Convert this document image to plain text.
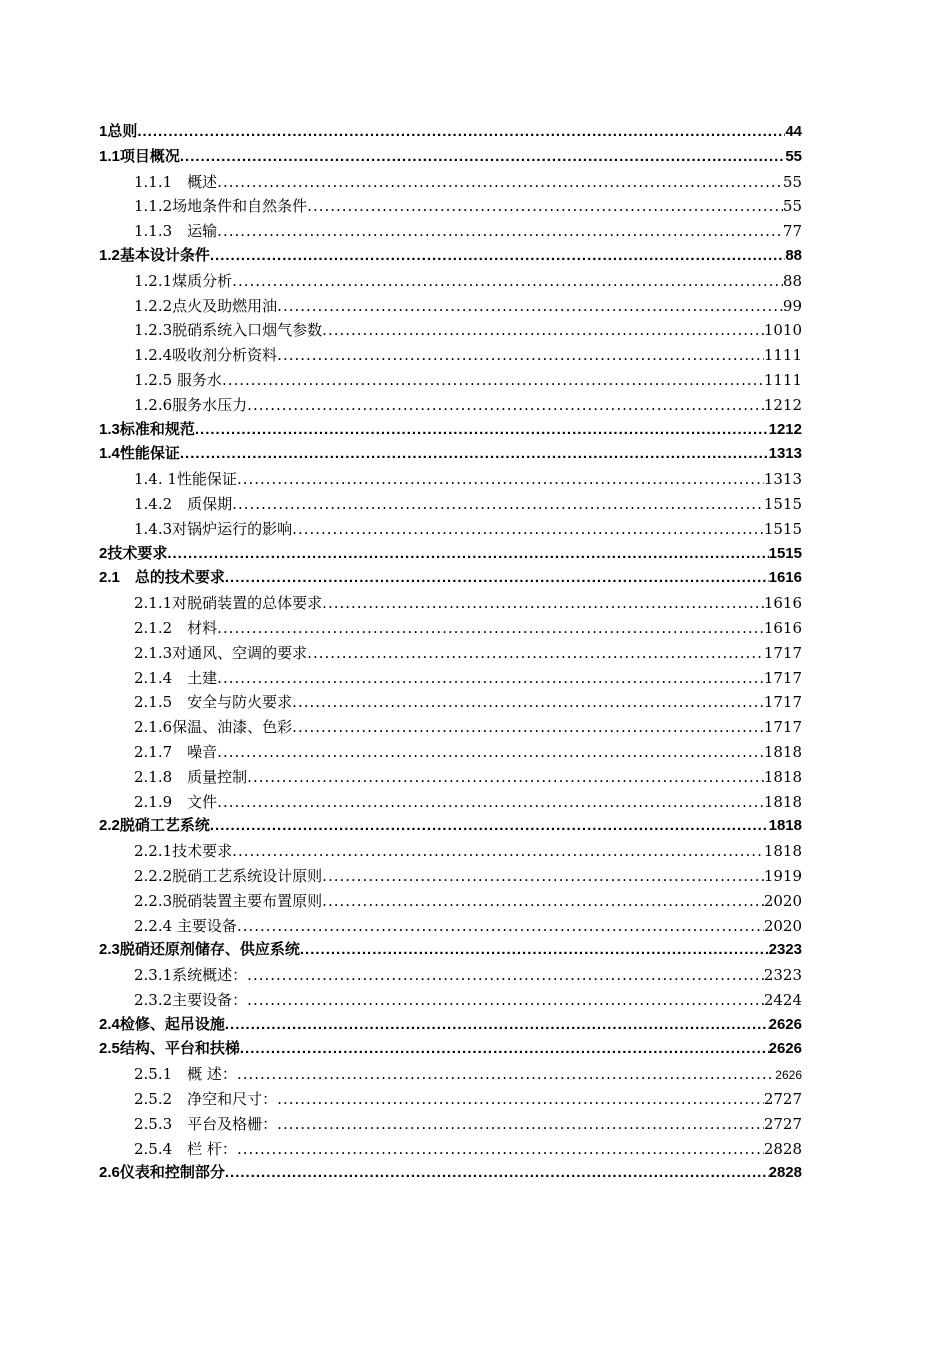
1总则 .....	44
1.1项目概况 .....	55
1.1.1　概述 .....	55
1.1.2场地条件和自然条件 .....	55
1.1.3　运输 .....	77
1.2基本设计条件 .....	88
1.2.1煤质分析 .....	88
1.2.2点火及助燃用油 .....	99
1.2.3脱硝系统入口烟气参数 .....	1010
1.2.4吸收剂分析资料 .....	1111
1.2.5 服务水 .....	1111
1.2.6服务水压力 .....	1212
1.3标准和规范 .....	1212
1.4性能保证 .....	1313
1.4. 1性能保证 .....	1313
1.4.2　质保期 .....	1515
1.4.3对锅炉运行的影响 .....	1515
2技术要求 .....	1515
2.1　总的技术要求 .....	1616
2.1.1对脱硝装置的总体要求 .....	1616
2.1.2　材料 .....	1616
2.1.3对通风、空调的要求 .....	1717
2.1.4　土建 .....	1717
2.1.5　安全与防火要求 .....	1717
2.1.6保温、油漆、色彩 .....	1717
2.1.7　噪音 .....	1818
2.1.8　质量控制 .....	1818
2.1.9　文件 .....	1818
2.2脱硝工艺系统 .....	1818
2.2.1技术要求 .....	1818
2.2.2脱硝工艺系统设计原则 .....	1919
2.2.3脱硝装置主要布置原则 .....	2020
2.2.4 主要设备 .....	2020
2.3脱硝还原剂储存、供应系统 .....	2323
2.3.1系统概述： .....	2323
2.3.2主要设备： .....	2424
2.4检修、起吊设施 .....	2626
2.5结构、平台和扶梯 .....	2626
2.5.1　概 述： .....	2626
2.5.2　净空和尺寸： .....	2727
2.5.3　平台及格栅： .....	2727
2.5.4　栏 杆： .....	2828
2.6仪表和控制部分 .....	2828
